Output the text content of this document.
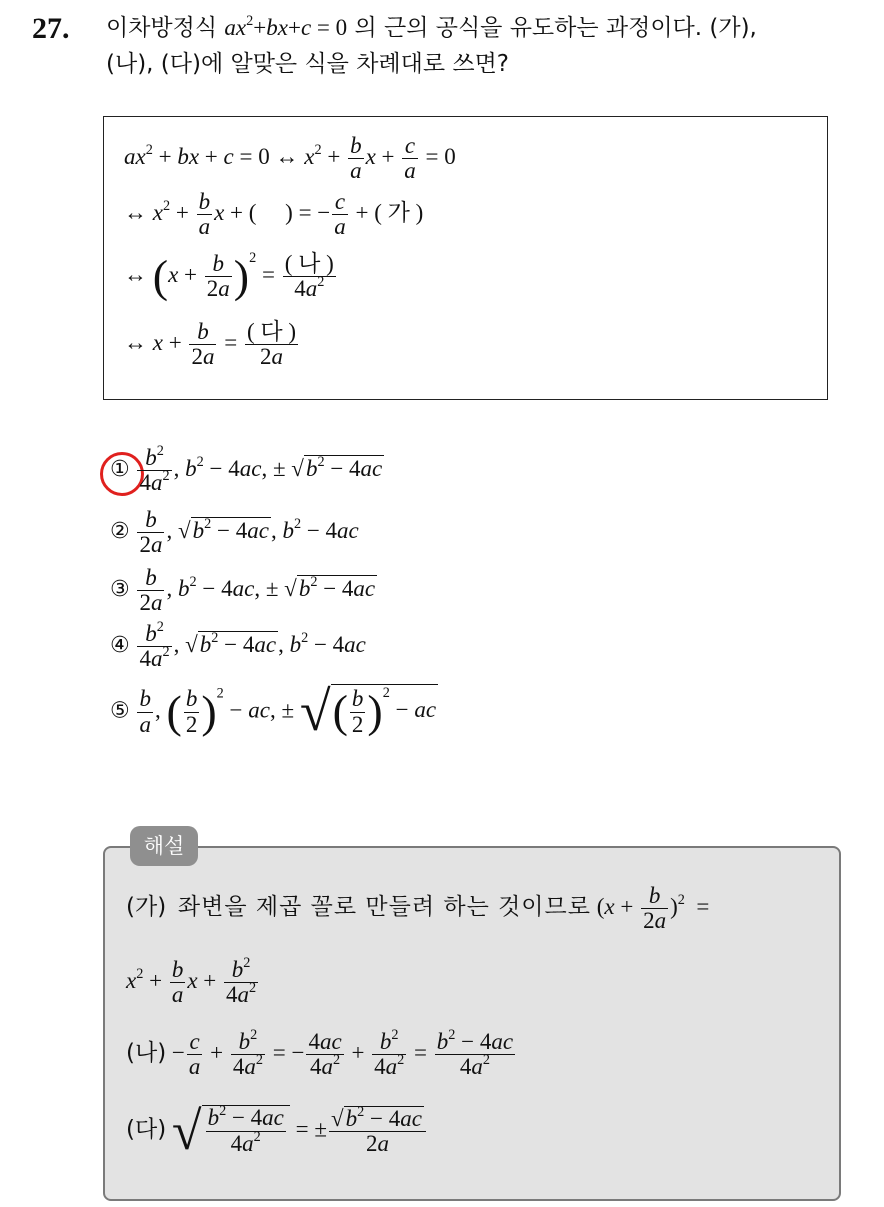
27. 이차방정식 $ax^2+bx+c = 0$ 의 근의 공식을 유도하는 과정이다. (가),
(나), (다)에 알맞은 식을 차례대로 쓰면?
$ax^2$ + bx + c = 0 ↔ $x^2 + \frac{b}{a}$ $x + \frac{c}{a} = 0$
↔ $x^2 + \frac{b}{a}$ x + (     ) = − $\frac{c}{a}$ + ( 가 )
↔ $(x + \frac{b}{2a} )^2 = \frac{\text{( 나 )}}{4a^2}$
↔ $x + \frac{b}{2a} = \frac{\text{( 다 )}}{2a}$
① $\frac{b^2}{4a^2}$ , $b^2 - 4ac$, ± $√b^2 - 4ac$
② $\frac{b}{2a}$ , $√b^2 - 4ac$, $b^2 - 4ac$
③ $\frac{b}{2a}$ , $b^2 - 4ac$, ± $√b^2 - 4ac$
④ $\frac{b^2}{4a^2}$ , $√b^2 - 4ac$, $b^2 - 4ac$
⑤ $\frac{b}{a}$ , ( $\frac{b}{2} )^2$ − ac, ± √( $\frac{b}{2} )^2$ − ac
해설
(가) 좌변을 제곱 꼴로 만들려 하는 것이므로 $(x + \frac{b}{2a} )^2$  =
$x^2 + \frac{b}{a}$ $x + \frac{b^2}{4a^2}$
(나) − $\frac{c}{a} + \frac{b^2}{4a^2}$ = − $\frac{4ac}{4a^2} + \frac{b^2}{4a^2} = \frac{b^2 - 4ac}{4a^2}$
(다) √ $\frac{b^2 - 4ac}{4a^2}$ = ± $\frac{√b^2 - 4ac}{2a}$
